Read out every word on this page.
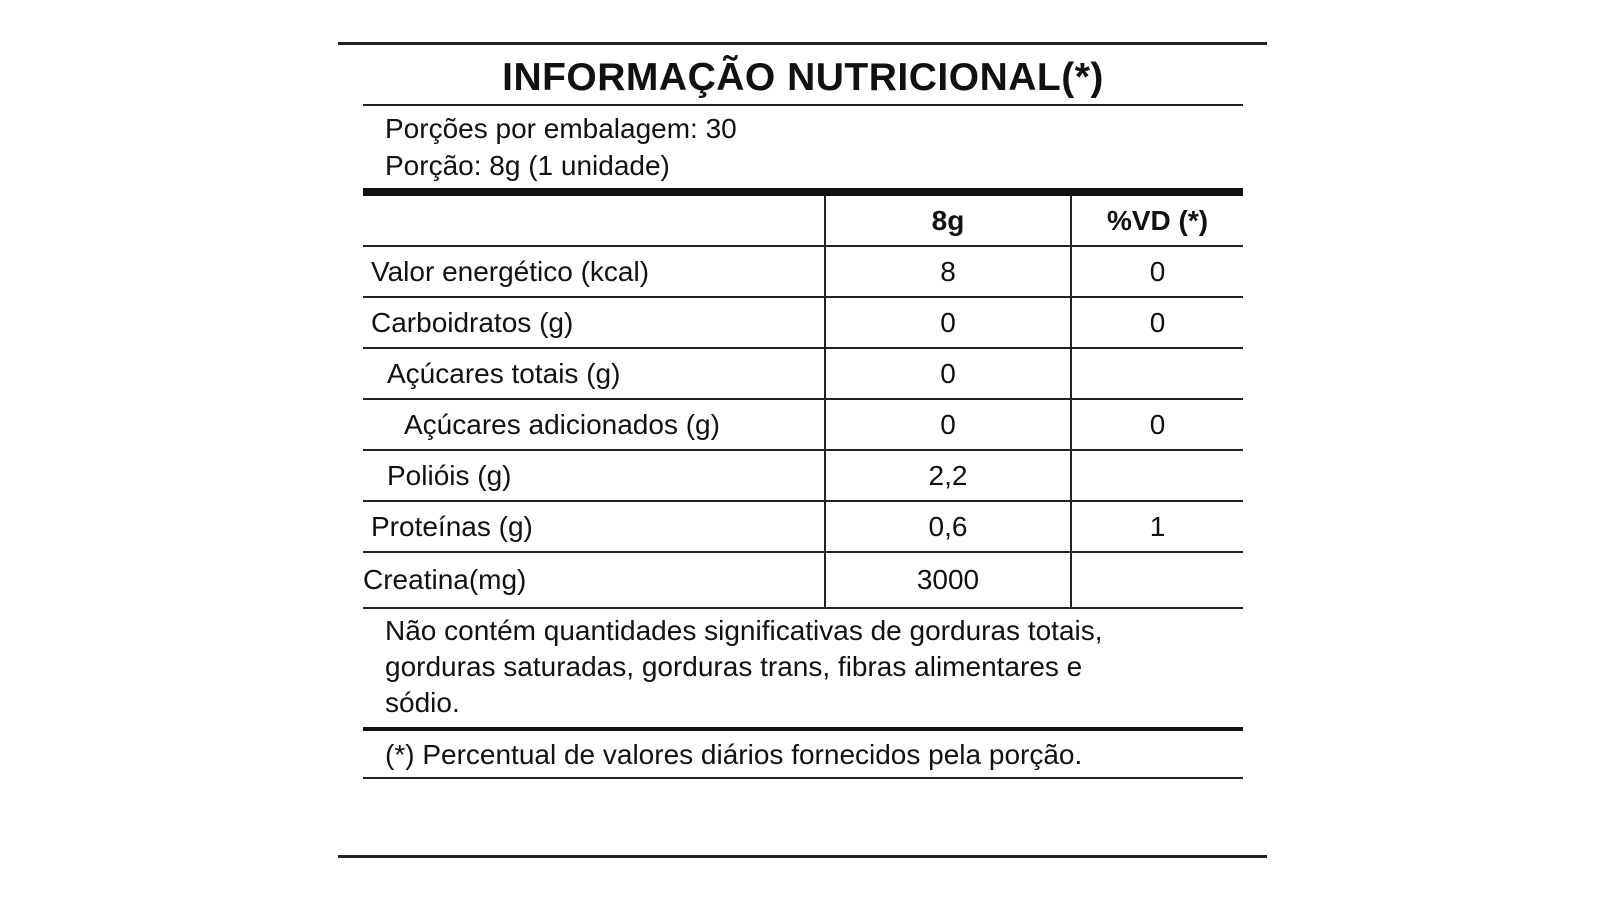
INFORMAÇÃO NUTRICIONAL(*)
Porções por embalagem: 30
Porção: 8g (1 unidade)
	8g	%VD (*)
Valor energético (kcal)	8	0
Carboidratos (g)	0	0
Açúcares totais (g)	0	
Açúcares adicionados (g)	0	0
Polióis (g)	2,2	
Proteínas (g)	0,6	1
Creatina(mg)	3000	
Não contém quantidades significativas de gorduras totais,
gorduras saturadas, gorduras trans, fibras alimentares e
sódio.
(*) Percentual de valores diários fornecidos pela porção.
